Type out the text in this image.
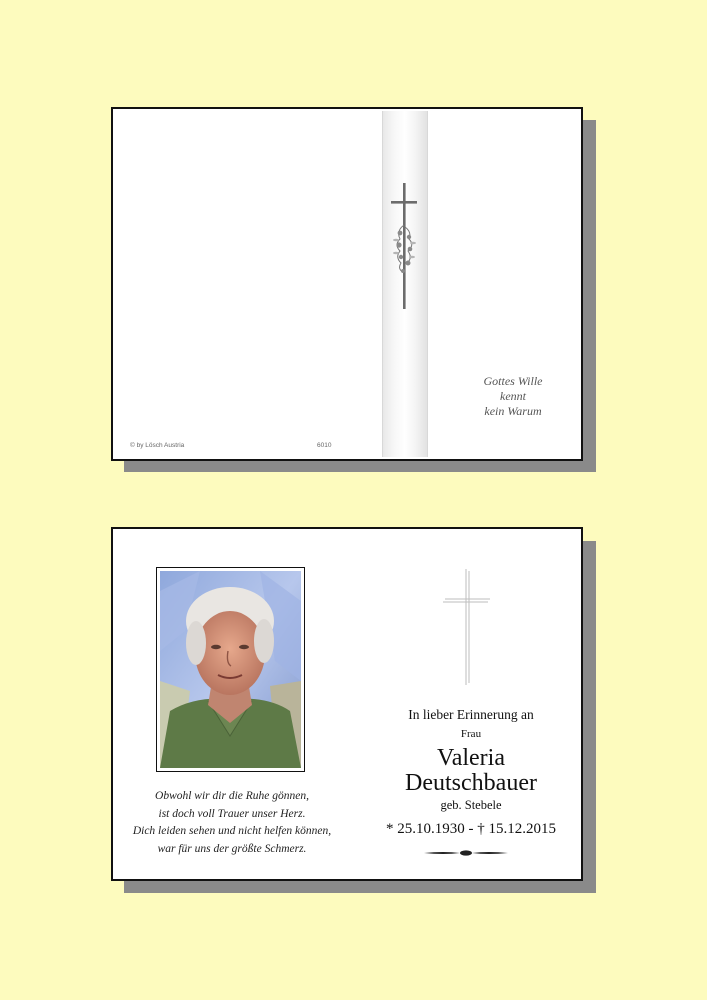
Gottes Wille
kennt
kein Warum
© by Lösch Austria	6010
Obwohl wir dir die Ruhe gönnen,
ist doch voll Trauer unser Herz.
Dich leiden sehen und nicht helfen können,
war für uns der größte Schmerz.
In lieber Erinnerung an
Frau
Valeria
Deutschbauer
geb. Stebele
* 25.10.1930 - † 15.12.2015
